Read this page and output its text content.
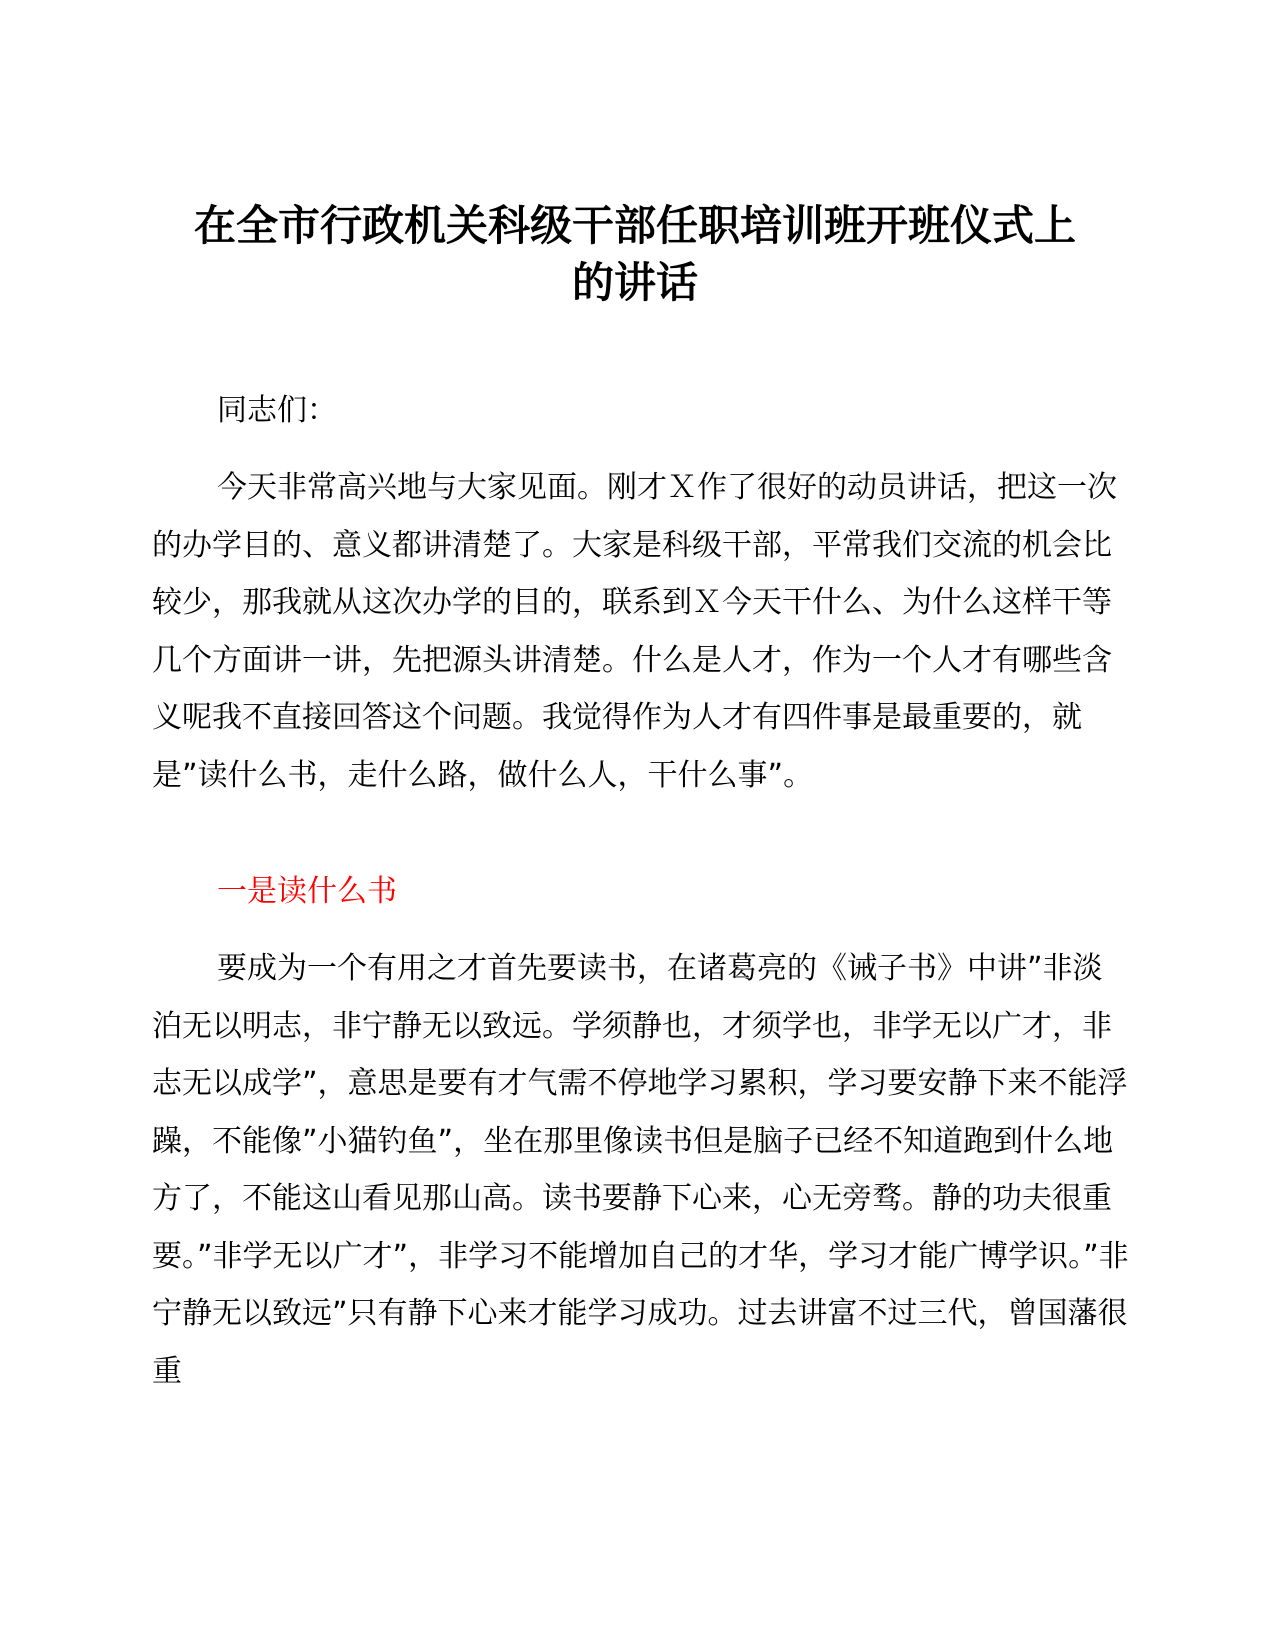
在全市行政机关科级干部任职培训班开班仪式上
的讲话

同志们：

今天非常高兴地与大家见面。刚才Ｘ作了很好的动员讲话，把这一次的办学目的、意义都讲清楚了。大家是科级干部，平常我们交流的机会比较少，那我就从这次办学的目的，联系到Ｘ今天干什么、为什么这样干等几个方面讲一讲，先把源头讲清楚。什么是人才，作为一个人才有哪些含义呢我不直接回答这个问题。我觉得作为人才有四件事是最重要的，就是”读什么书，走什么路，做什么人，干什么事”。

一是读什么书

要成为一个有用之才首先要读书，在诸葛亮的《诫子书》中讲”非淡泊无以明志，非宁静无以致远。学须静也，才须学也，非学无以广才，非志无以成学”，意思是要有才气需不停地学习累积，学习要安静下来不能浮躁，不能像”小猫钓鱼”，坐在那里像读书但是脑子已经不知道跑到什么地方了，不能这山看见那山高。读书要静下心来，心无旁骛。静的功夫很重要。”非学无以广才”，非学习不能增加自己的才华，学习才能广博学识。”非宁静无以致远”只有静下心来才能学习成功。过去讲富不过三代，曾国藩很重
